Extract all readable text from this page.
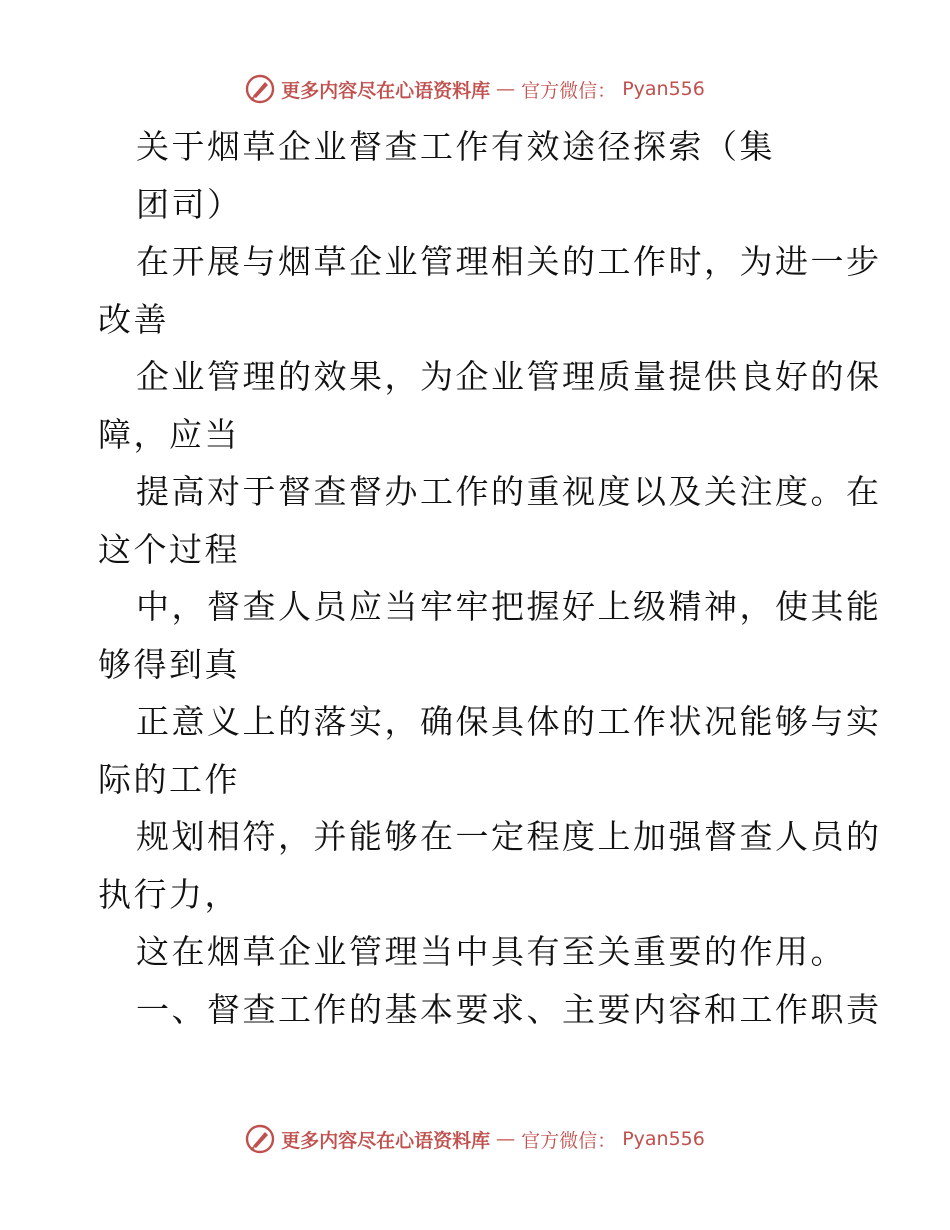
更多内容尽在心语资料库 — 官方微信： Pyan556
关于烟草企业督查工作有效途径探索（集
团司）
在开展与烟草企业管理相关的工作时，为进一步
改善
企业管理的效果，为企业管理质量提供良好的保
障，应当
提高对于督查督办工作的重视度以及关注度。在
这个过程
中，督查人员应当牢牢把握好上级精神，使其能
够得到真
正意义上的落实，确保具体的工作状况能够与实
际的工作
规划相符，并能够在一定程度上加强督查人员的
执行力，
这在烟草企业管理当中具有至关重要的作用。
一、督查工作的基本要求、主要内容和工作职责
更多内容尽在心语资料库 — 官方微信： Pyan556
